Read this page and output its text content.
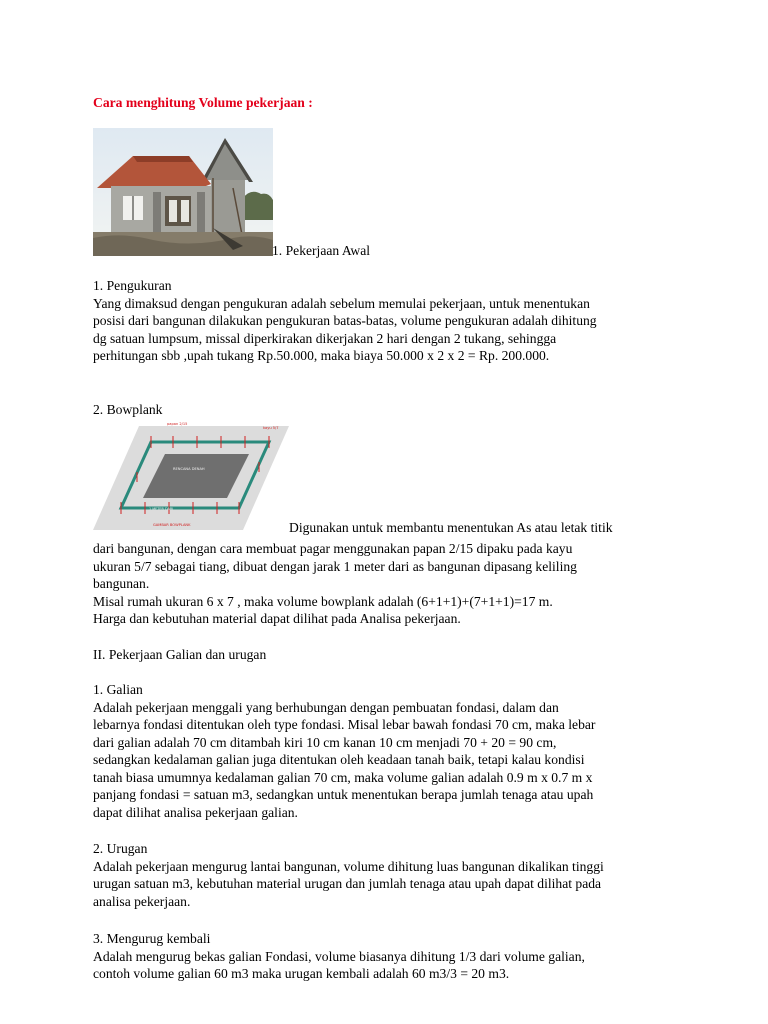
Cara menghitung Volume pekerjaan :
1. Pekerjaan Awal

1. Pengukuran

Yang dimaksud dengan pengukuran adalah sebelum memulai pekerjaan, untuk menentukan
posisi dari bangunan dilakukan pengukuran batas-batas, volume pengukuran adalah dihitung
dg satuan lumpsum, missal diperkirakan dikerjakan 2 hari dengan 2 tukang, sehingga
perhitungan sbb ,upah tukang Rp.50.000, maka biaya 50.000 x 2 x 2 = Rp. 200.000.

2. Bowplank

papan 2/15
kayu 5/7
RENCANA DENAH
1 METER DARI
GAMBAR BOWPLANK	Digunakan untuk membantu menentukan As atau letak titik

dari bangunan, dengan cara membuat pagar menggunakan papan 2/15 dipaku pada kayu
ukuran 5/7 sebagai tiang, dibuat dengan jarak 1 meter dari as bangunan dipasang keliling
bangunan.
Misal rumah ukuran 6 x 7 , maka volume bowplank adalah (6+1+1)+(7+1+1)=17 m.
Harga dan kebutuhan material dapat dilihat pada Analisa pekerjaan.

II. Pekerjaan Galian dan urugan

1. Galian

Adalah pekerjaan menggali yang berhubungan dengan pembuatan fondasi, dalam dan
lebarnya fondasi ditentukan oleh type fondasi. Misal lebar bawah fondasi 70 cm, maka lebar
dari galian adalah 70 cm ditambah kiri 10 cm kanan 10 cm menjadi 70 + 20 = 90 cm,
sedangkan kedalaman galian juga ditentukan oleh keadaan tanah baik, tetapi kalau kondisi
tanah biasa umumnya kedalaman galian 70 cm, maka volume galian adalah 0.9 m x 0.7 m x
panjang fondasi = satuan m3, sedangkan untuk menentukan berapa jumlah tenaga atau upah
dapat dilihat analisa pekerjaan galian.

2. Urugan

Adalah pekerjaan mengurug lantai bangunan, volume dihitung luas bangunan dikalikan tinggi
urugan satuan m3, kebutuhan material urugan dan jumlah tenaga atau upah dapat dilihat pada
analisa pekerjaan.

3. Mengurug kembali

Adalah mengurug bekas galian Fondasi, volume biasanya dihitung 1/3 dari volume galian,
contoh volume galian 60 m3 maka urugan kembali adalah 60 m3/3 = 20 m3.
